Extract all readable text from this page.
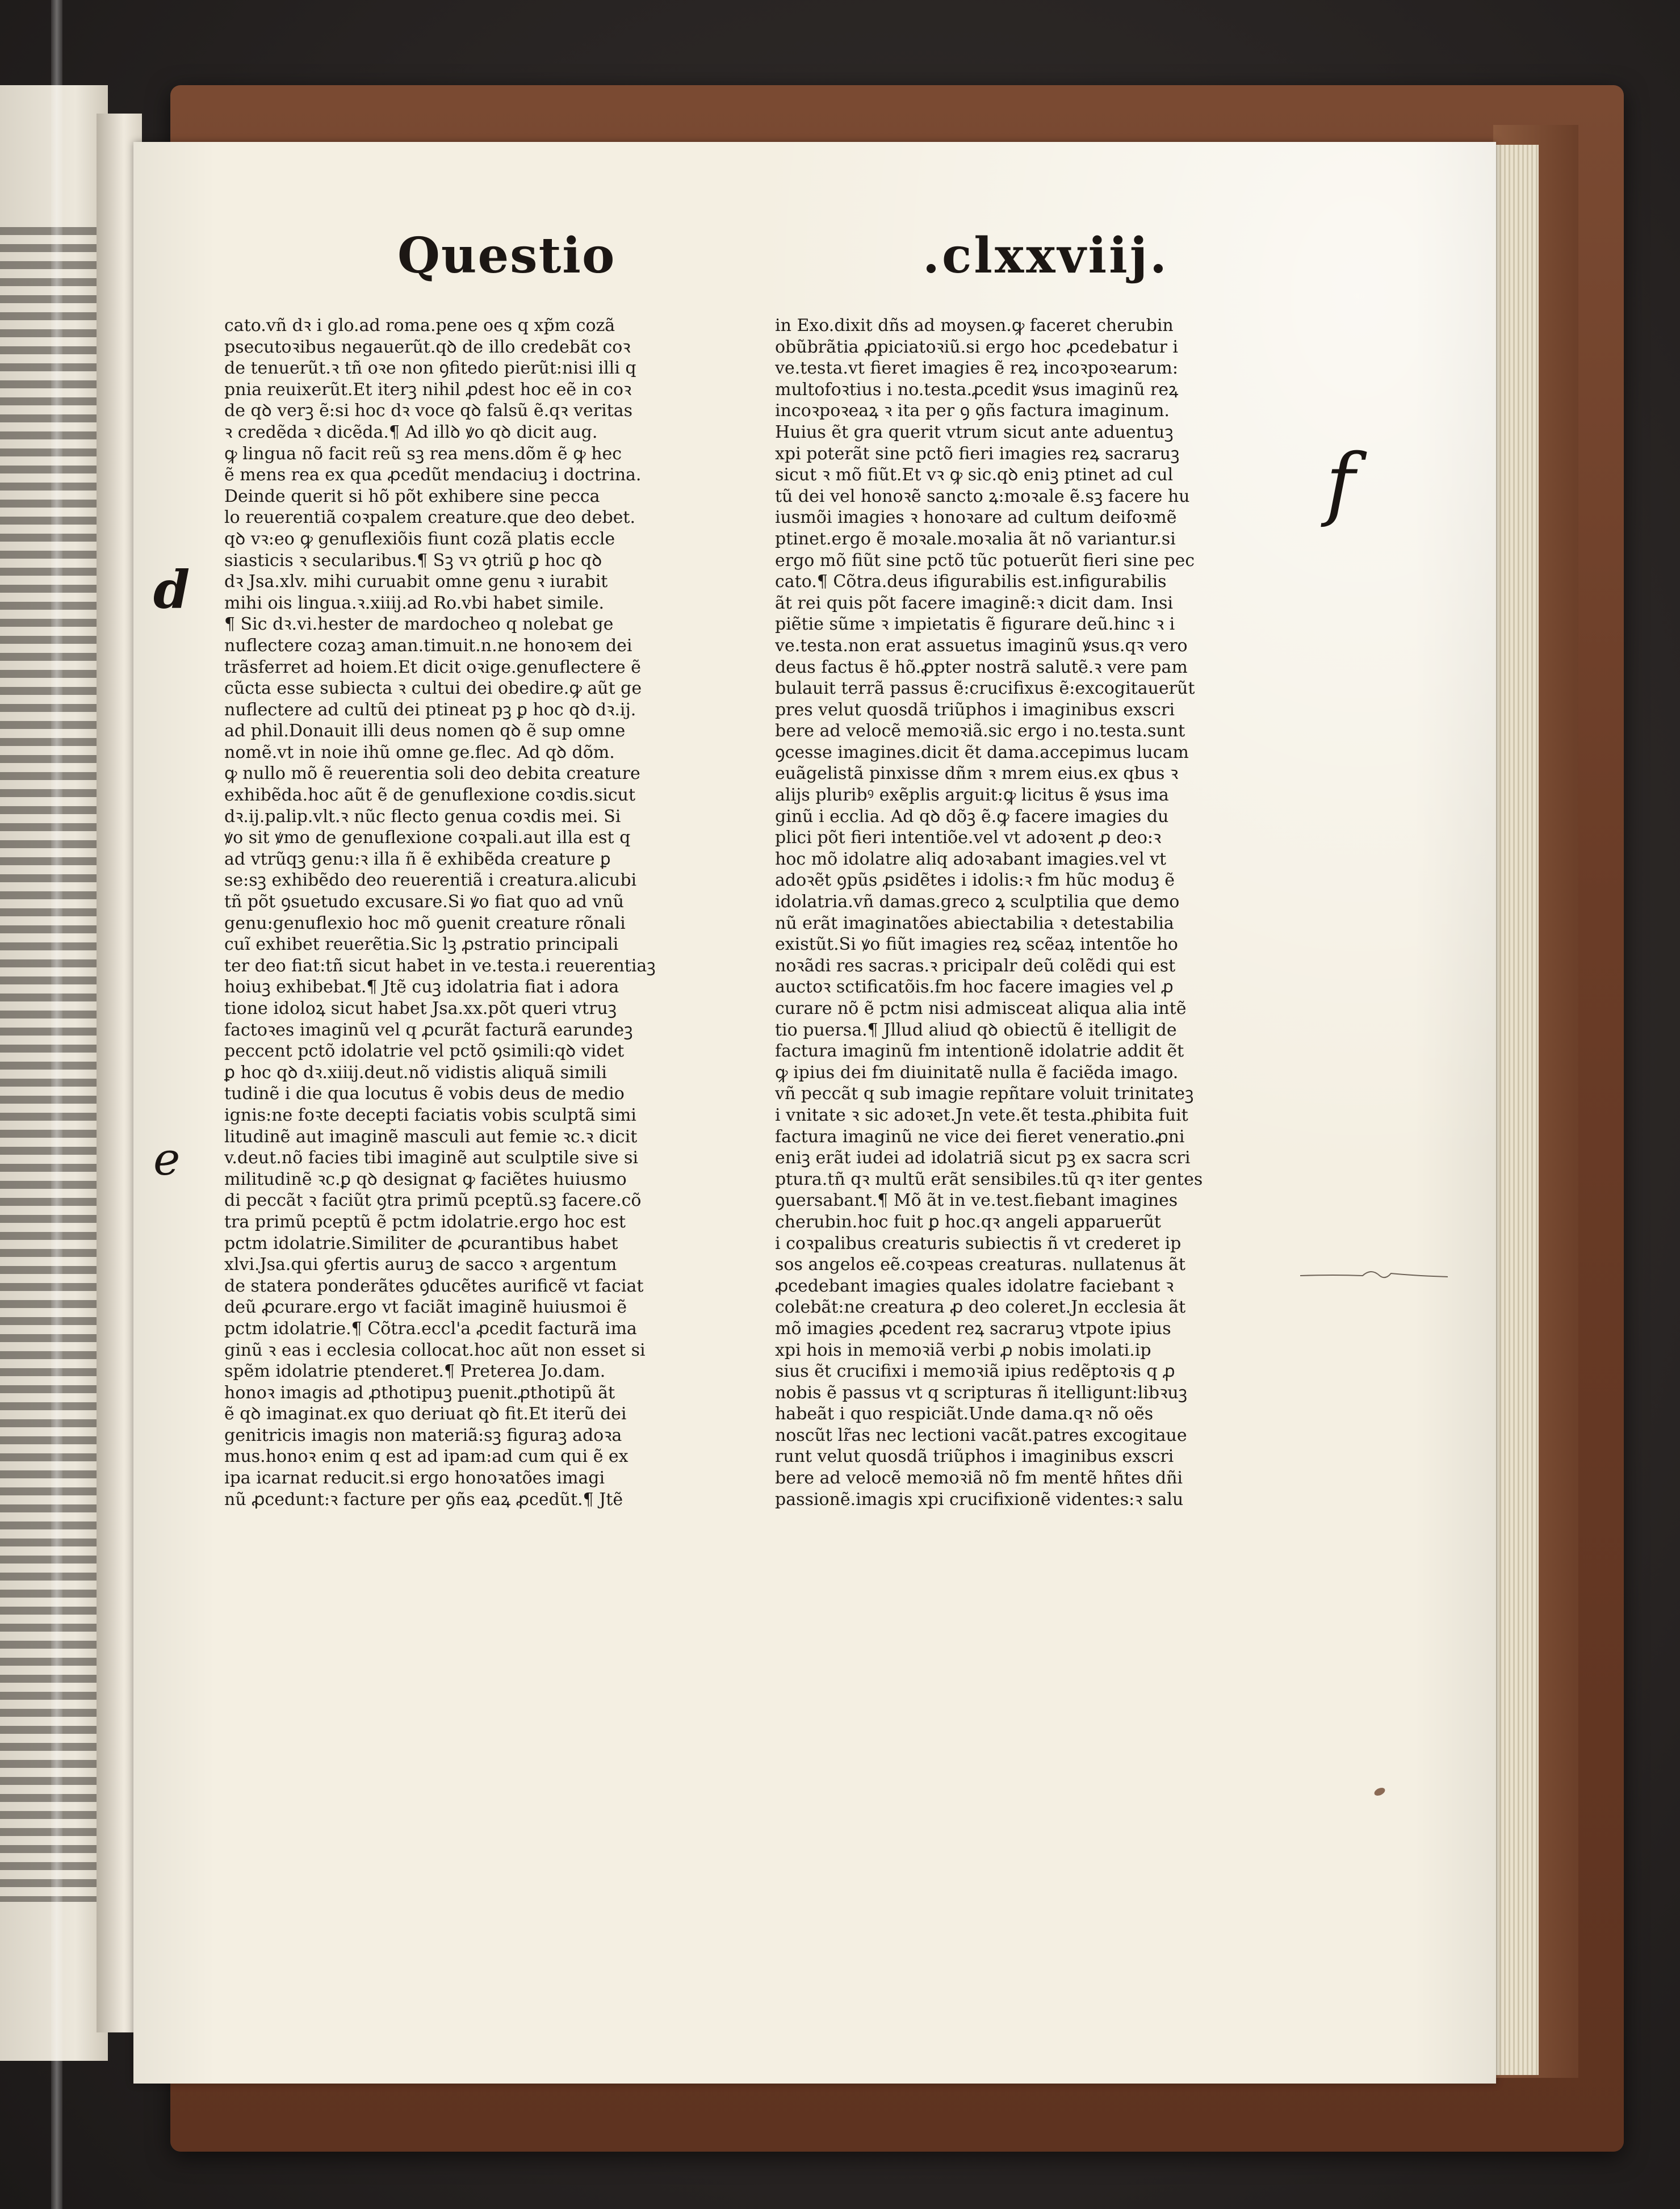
Questio	.clxxviij.
cato.vñ dꝛ i glo.ad roma.pene oes q xp̃m cozã
psecutoꝛibus negauerũt.qꝺ de illo credebãt coꝛ
de tenuerũt.ꝛ tñ oꝛe non ꝯfitedo pierũt:nisi illi q
pnia reuixerũt.Et iterꝫ nihil ꝓdest hoc eẽ in coꝛ
de qꝺ verꝫ ẽ:si hoc dꝛ voce qꝺ falsũ ẽ.qꝛ veritas
ꝛ credẽda ꝛ dicẽda.¶ Ad illꝺ ꝟo qꝺ dicit aug.
ꝙ lingua nõ facit reũ sꝫ rea mens.dõm ẽ ꝙ hec
ẽ mens rea ex qua ꝓcedũt mendaciuꝫ i doctrina.
Deinde querit si hõ põt exhibere sine pecca
lo reuerentiã coꝛpalem creature.que deo debet.
qꝺ vꝛ:eo ꝙ genuflexiõis fiunt cozã platis eccle
siasticis ꝛ secularibus.¶ Sꝫ vꝛ ꝯtriũ ꝑ hoc qꝺ
dꝛ Jsa.xlv. mihi curuabit omne genu ꝛ iurabit
mihi ois lingua.ꝛ.xiiij.ad Ro.vbi habet simile.
¶ Sic dꝛ.vi.hester de mardocheo q nolebat ge
nuflectere cozaꝫ aman.timuit.n.ne honoꝛem dei
trãsferret ad hoiem.Et dicit oꝛige.genuflectere ẽ
cũcta esse subiecta ꝛ cultui dei obedire.ꝙ aũt ge
nuflectere ad cultũ dei ptineat pꝫ ꝑ hoc qꝺ dꝛ.ij.
ad phil.Donauit illi deus nomen qꝺ ẽ sup omne
nomẽ.vt in noie ihũ omne ge.flec. Ad qꝺ dõm.
ꝙ nullo mõ ẽ reuerentia soli deo debita creature
exhibẽda.hoc aũt ẽ de genuflexione coꝛdis.sicut
dꝛ.ij.palip.vlt.ꝛ nũc flecto genua coꝛdis mei. Si
ꝟo sit ꝟmo de genuflexione coꝛpali.aut illa est q
ad vtrũqꝫ genu:ꝛ illa ñ ẽ exhibẽda creature ꝑ
se:sꝫ exhibẽdo deo reuerentiã i creatura.alicubi
tñ põt ꝯsuetudo excusare.Si ꝟo fiat quo ad vnũ
genu:genuflexio hoc mõ ꝯuenit creature rõnali
cuĩ exhibet reuerẽtia.Sic lꝫ ꝓstratio principali
ter deo fiat:tñ sicut habet in ve.testa.i reuerentiaꝫ
hoiuꝫ exhibebat.¶ Jtẽ cuꝫ idolatria fiat i adora
tione idoloꝝ sicut habet Jsa.xx.põt queri vtruꝫ
factoꝛes imaginũ vel q ꝓcurãt facturã earundeꝫ
peccent pctõ idolatrie vel pctõ ꝯsimili:qꝺ videt
ꝑ hoc qꝺ dꝛ.xiiij.deut.nõ vidistis aliquã simili
tudinẽ i die qua locutus ẽ vobis deus de medio
ignis:ne foꝛte decepti faciatis vobis sculptã simi
litudinẽ aut imaginẽ masculi aut femie ꝛc.ꝛ dicit
v.deut.nõ facies tibi imaginẽ aut sculptile sive si
militudinẽ ꝛc.ꝑ qꝺ designat ꝙ faciẽtes huiusmo
di peccãt ꝛ faciũt ꝯtra primũ pceptũ.sꝫ facere.cõ
tra primũ pceptũ ẽ pctm idolatrie.ergo hoc est
pctm idolatrie.Similiter de ꝓcurantibus habet
xlvi.Jsa.qui ꝯfertis auruꝫ de sacco ꝛ argentum
de statera ponderãtes ꝯducẽtes aurificẽ vt faciat
deũ ꝓcurare.ergo vt faciãt imaginẽ huiusmoi ẽ
pctm idolatrie.¶ Cõtra.eccl'a ꝓcedit facturã ima
ginũ ꝛ eas i ecclesia collocat.hoc aũt non esset si
spẽm idolatrie ptenderet.¶ Preterea Jo.dam.
honoꝛ imagis ad ꝓthotipuꝫ puenit.ꝓthotipũ ãt
ẽ qꝺ imaginat.ex quo deriuat qꝺ fit.Et iterũ dei
genitricis imagis non materiã:sꝫ figuraꝫ adoꝛa
mus.honoꝛ enim q est ad ipam:ad cum qui ẽ ex
ipa icarnat reducit.si ergo honoꝛatões imagi
nũ ꝓcedunt:ꝛ facture per ꝯñs eaꝝ ꝓcedũt.¶ Jtẽ
in Exo.dixit dñs ad moysen.ꝙ faceret cherubin
obũbrãtia ꝓpiciatoꝛiũ.si ergo hoc ꝓcedebatur i
ve.testa.vt fieret imagies ẽ reꝝ incoꝛpoꝛearum:
multofoꝛtius i no.testa.ꝓcedit ꝟsus imaginũ reꝝ
incoꝛpoꝛeaꝝ ꝛ ita per ꝯ ꝯñs factura imaginum.
Huius ẽt gra querit vtrum sicut ante aduentuꝫ
xpi poterãt sine pctõ fieri imagies reꝝ sacraruꝫ
sicut ꝛ mõ fiũt.Et vꝛ ꝙ sic.qꝺ eniꝫ ptinet ad cul
tũ dei vel honoꝛẽ sancto ꝝ:moꝛale ẽ.sꝫ facere hu
iusmõi imagies ꝛ honoꝛare ad cultum deifoꝛmẽ
ptinet.ergo ẽ moꝛale.moꝛalia ãt nõ variantur.si
ergo mõ fiũt sine pctõ tũc potuerũt fieri sine pec
cato.¶ Cõtra.deus ifigurabilis est.infigurabilis
ãt rei quis põt facere imaginẽ:ꝛ dicit dam. Insi
piẽtie sũme ꝛ impietatis ẽ figurare deũ.hinc ꝛ i
ve.testa.non erat assuetus imaginũ ꝟsus.qꝛ vero
deus factus ẽ hõ.ꝓpter nostrã salutẽ.ꝛ vere pam
bulauit terrã passus ẽ:crucifixus ẽ:excogitauerũt
pres velut quosdã triũphos i imaginibus exscri
bere ad velocẽ memoꝛiã.sic ergo i no.testa.sunt
ꝯcesse imagines.dicit ẽt dama.accepimus lucam
euãgelistã pinxisse dñm ꝛ mrem eius.ex qbus ꝛ
alijs pluribꝰ exẽplis arguit:ꝙ licitus ẽ ꝟsus ima
ginũ i ecclia. Ad qꝺ dõꝫ ẽ.ꝙ facere imagies du
plici põt fieri intentiõe.vel vt adoꝛent ꝓ deo:ꝛ
hoc mõ idolatre aliq adoꝛabant imagies.vel vt
adoꝛẽt ꝯpũs ꝓsidẽtes i idolis:ꝛ fm hũc moduꝫ ẽ
idolatria.vñ damas.greco ꝝ sculptilia que demo
nũ erãt imaginatões abiectabilia ꝛ detestabilia
existũt.Si ꝟo fiũt imagies reꝝ scẽaꝝ intentõe ho
noꝛãdi res sacras.ꝛ pricipalr deũ colẽdi qui est
auctoꝛ sctificatõis.fm hoc facere imagies vel ꝓ
curare nõ ẽ pctm nisi admisceat aliqua alia intẽ
tio puersa.¶ Jllud aliud qꝺ obiectũ ẽ itelligit de
factura imaginũ fm intentionẽ idolatrie addit ẽt
ꝙ ipius dei fm diuinitatẽ nulla ẽ faciẽda imago.
vñ peccãt q sub imagie repñtare voluit trinitateꝫ
i vnitate ꝛ sic adoꝛet.Jn vete.ẽt testa.ꝓhibita fuit
factura imaginũ ne vice dei fieret veneratio.ꝓni
eniꝫ erãt iudei ad idolatriã sicut pꝫ ex sacra scri
ptura.tñ qꝛ multũ erãt sensibiles.tũ qꝛ iter gentes
ꝯuersabant.¶ Mõ ãt in ve.test.fiebant imagines
cherubin.hoc fuit ꝑ hoc.qꝛ angeli apparuerũt
i coꝛpalibus creaturis subiectis ñ vt crederet ip
sos angelos eẽ.coꝛpeas creaturas. nullatenus ãt
ꝓcedebant imagies quales idolatre faciebant ꝛ
colebãt:ne creatura ꝓ deo coleret.Jn ecclesia ãt
mõ imagies ꝓcedent reꝝ sacraruꝫ vtpote ipius
xpi hois in memoꝛiã verbi ꝓ nobis imolati.ip
sius ẽt crucifixi i memoꝛiã ipius redẽptoꝛis q ꝓ
nobis ẽ passus vt q scripturas ñ itelligunt:libꝛuꝫ
habeãt i quo respiciãt.Unde dama.qꝛ nõ oẽs
noscũt lr̃as nec lectioni vacãt.patres excogitaue
runt velut quosdã triũphos i imaginibus exscri
bere ad velocẽ memoꝛiã nõ fm mentẽ hñtes dñi
passionẽ.imagis xpi crucifixionẽ videntes:ꝛ salu
d
e
f
